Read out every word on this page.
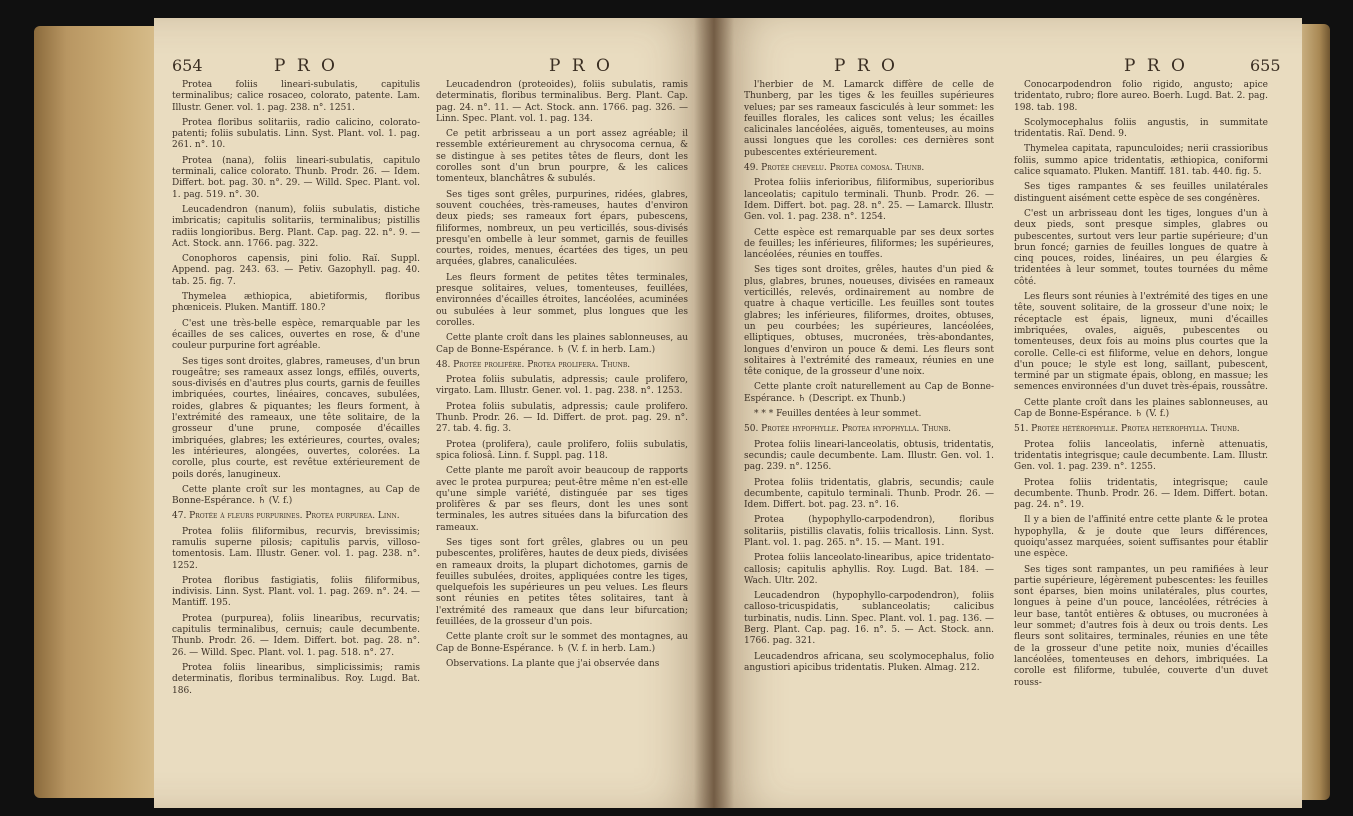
654	P R O	P R O

Protea foliis lineari-subulatis, capitulis terminalibus; calice rosaceo, colorato, patente. Lam. Illustr. Gener. vol. 1. pag. 238. n°. 1251.

Protea floribus solitariis, radio calicino, colorato-patenti; foliis subulatis. Linn. Syst. Plant. vol. 1. pag. 261. n°. 10.

Protea (nana), foliis lineari-subulatis, capitulo terminali, calice colorato. Thunb. Prodr. 26. — Idem. Differt. bot. pag. 30. n°. 29. — Willd. Spec. Plant. vol. 1. pag. 519. n°. 30.

Leucadendron (nanum), foliis subulatis, distiche imbricatis; capitulis solitariis, terminalibus; pistillis radiis longioribus. Berg. Plant. Cap. pag. 22. n°. 9. — Act. Stock. ann. 1766. pag. 322.

Conophoros capensis, pini folio. Raï. Suppl. Append. pag. 243. 63. — Petiv. Gazophyll. pag. 40. tab. 25. fig. 7.

Thymelea æthiopica, abietiformis, floribus phœniceis. Pluken. Mantiff. 180.?

C'est une très-belle espèce, remarquable par les écailles de ses calices, ouvertes en rose, & d'une couleur purpurine fort agréable.

Ses tiges sont droites, glabres, rameuses, d'un brun rougeâtre; ses rameaux assez longs, effilés, ouverts, sous-divisés en d'autres plus courts, garnis de feuilles imbriquées, courtes, linéaires, concaves, subulées, roides, glabres & piquantes; les fleurs forment, à l'extrémité des rameaux, une tête solitaire, de la grosseur d'une prune, composée d'écailles imbriquées, glabres; les extérieures, courtes, ovales; les intérieures, alongées, ouvertes, colorées. La corolle, plus courte, est revêtue extérieurement de poils dorés, lanugineux.

Cette plante croît sur les montagnes, au Cap de Bonne-Espérance. ♄ (V. f.)

47. Protée à fleurs purpurines. Protea purpurea. Linn.

Protea foliis filiformibus, recurvis, brevissimis; ramulis superne pilosis; capitulis parvis, villoso-tomentosis. Lam. Illustr. Gener. vol. 1. pag. 238. n°. 1252.

Protea floribus fastigiatis, foliis filiformibus, indivisis. Linn. Syst. Plant. vol. 1. pag. 269. n°. 24. — Mantiff. 195.

Protea (purpurea), foliis linearibus, recurvatis; capitulis terminalibus, cernuis; caule decumbente. Thunb. Prodr. 26. — Idem. Differt. bot. pag. 28. n°. 26. — Willd. Spec. Plant. vol. 1. pag. 518. n°. 27.

Protea foliis linearibus, simplicissimis; ramis determinatis, floribus terminalibus. Roy. Lugd. Bat. 186.

Leucadendron (proteoides), foliis subulatis, ramis determinatis, floribus terminalibus. Berg. Plant. Cap. pag. 24. n°. 11. — Act. Stock. ann. 1766. pag. 326. — Linn. Spec. Plant. vol. 1. pag. 134.

Ce petit arbrisseau a un port assez agréable; il ressemble extérieurement au chrysocoma cernua, & se distingue à ses petites têtes de fleurs, dont les corolles sont d'un brun pourpre, & les calices tomenteux, blanchâtres & subulés.

Ses tiges sont grêles, purpurines, ridées, glabres, souvent couchées, très-rameuses, hautes d'environ deux pieds; ses rameaux fort épars, pubescens, filiformes, nombreux, un peu verticillés, sous-divisés presqu'en ombelle à leur sommet, garnis de feuilles courtes, roides, menues, écartées des tiges, un peu arquées, glabres, canaliculées.

Les fleurs forment de petites têtes terminales, presque solitaires, velues, tomenteuses, feuillées, environnées d'écailles étroites, lancéolées, acuminées ou subulées à leur sommet, plus longues que les corolles.

Cette plante croît dans les plaines sablonneuses, au Cap de Bonne-Espérance. ♄ (V. f. in herb. Lam.)

48. Protée prolifère. Protea prolifera. Thunb.

Protea foliis subulatis, adpressis; caule prolifero, virgato. Lam. Illustr. Gener. vol. 1. pag. 238. n°. 1253.

Protea foliis subulatis, adpressis; caule prolifero. Thunb. Prodr. 26. — Id. Differt. de prot. pag. 29. n°. 27. tab. 4. fig. 3.

Protea (prolifera), caule prolifero, foliis subulatis, spica foliosâ. Linn. f. Suppl. pag. 118.

Cette plante me paroît avoir beaucoup de rapports avec le protea purpurea; peut-être même n'en est-elle qu'une simple variété, distinguée par ses tiges prolifères & par ses fleurs, dont les unes sont terminales, les autres situées dans la bifurcation des rameaux.

Ses tiges sont fort grêles, glabres ou un peu pubescentes, prolifères, hautes de deux pieds, divisées en rameaux droits, la plupart dichotomes, garnis de feuilles subulées, droites, appliquées contre les tiges, quelquefois les supérieures un peu velues. Les fleurs sont réunies en petites têtes solitaires, tant à l'extrémité des rameaux que dans leur bifurcation; feuillées, de la grosseur d'un pois.

Cette plante croît sur le sommet des montagnes, au Cap de Bonne-Espérance. ♄ (V. f. in herb. Lam.)

Observations. La plante que j'ai observée dans

P R O	P R O	655

l'herbier de M. Lamarck diffère de celle de Thunberg, par les tiges & les feuilles supérieures velues; par ses rameaux fasciculés à leur sommet: les feuilles florales, les calices sont velus; les écailles calicinales lancéolées, aiguës, tomenteuses, au moins aussi longues que les corolles: ces dernières sont pubescentes extérieurement.

49. Protée chevelu. Protea comosa. Thunb.

Protea foliis inferioribus, filiformibus, superioribus lanceolatis; capitulo terminali. Thunb. Prodr. 26. — Idem. Differt. bot. pag. 28. n°. 25. — Lamarck. Illustr. Gen. vol. 1. pag. 238. n°. 1254.

Cette espèce est remarquable par ses deux sortes de feuilles; les inférieures, filiformes; les supérieures, lancéolées, réunies en touffes.

Ses tiges sont droites, grêles, hautes d'un pied & plus, glabres, brunes, noueuses, divisées en rameaux verticillés, relevés, ordinairement au nombre de quatre à chaque verticille. Les feuilles sont toutes glabres; les inférieures, filiformes, droites, obtuses, un peu courbées; les supérieures, lancéolées, elliptiques, obtuses, mucronées, très-abondantes, longues d'environ un pouce & demi. Les fleurs sont solitaires à l'extrémité des rameaux, réunies en une tête conique, de la grosseur d'une noix.

Cette plante croît naturellement au Cap de Bonne-Espérance. ♄ (Descript. ex Thunb.)

* * * Feuilles dentées à leur sommet.

50. Protée hypophylle. Protea hypophylla. Thunb.

Protea foliis lineari-lanceolatis, obtusis, tridentatis, secundis; caule decumbente. Lam. Illustr. Gen. vol. 1. pag. 239. n°. 1256.

Protea foliis tridentatis, glabris, secundis; caule decumbente, capitulo terminali. Thunb. Prodr. 26. — Idem. Differt. bot. pag. 23. n°. 16.

Protea (hypophyllo-carpodendron), floribus solitariis, pistillis clavatis, foliis tricallosis. Linn. Syst. Plant. vol. 1. pag. 265. n°. 15. — Mant. 191.

Protea foliis lanceolato-linearibus, apice tridentato-callosis; capitulis aphyllis. Roy. Lugd. Bat. 184. — Wach. Ultr. 202.

Leucadendron (hypophyllo-carpodendron), foliis calloso-tricuspidatis, sublanceolatis; calicibus turbinatis, nudis. Linn. Spec. Plant. vol. 1. pag. 136. — Berg. Plant. Cap. pag. 16. n°. 5. — Act. Stock. ann. 1766. pag. 321.

Leucadendros africana, seu scolymocephalus, folio angustiori apicibus tridentatis. Pluken. Almag. 212.

Conocarpodendron folio rigido, angusto; apice tridentato, rubro; flore aureo. Boerh. Lugd. Bat. 2. pag. 198. tab. 198.

Scolymocephalus foliis angustis, in summitate tridentatis. Raï. Dend. 9.

Thymelea capitata, rapunculoides; nerii crassioribus foliis, summo apice tridentatis, æthiopica, coniformi calice squamato. Pluken. Mantiff. 181. tab. 440. fig. 5.

Ses tiges rampantes & ses feuilles unilatérales distinguent aisément cette espèce de ses congénères.

C'est un arbrisseau dont les tiges, longues d'un à deux pieds, sont presque simples, glabres ou pubescentes, surtout vers leur partie supérieure; d'un brun foncé; garnies de feuilles longues de quatre à cinq pouces, roides, linéaires, un peu élargies & tridentées à leur sommet, toutes tournées du même côté.

Les fleurs sont réunies à l'extrémité des tiges en une tête, souvent solitaire, de la grosseur d'une noix; le réceptacle est épais, ligneux, muni d'écailles imbriquées, ovales, aiguës, pubescentes ou tomenteuses, deux fois au moins plus courtes que la corolle. Celle-ci est filiforme, velue en dehors, longue d'un pouce; le style est long, saillant, pubescent, terminé par un stigmate épais, oblong, en massue; les semences environnées d'un duvet très-épais, roussâtre.

Cette plante croît dans les plaines sablonneuses, au Cap de Bonne-Espérance. ♄ (V. f.)

51. Protée hétérophylle. Protea heterophylla. Thunb.

Protea foliis lanceolatis, infernè attenuatis, tridentatis integrisque; caule decumbente. Lam. Illustr. Gen. vol. 1. pag. 239. n°. 1255.

Protea foliis tridentatis, integrisque; caule decumbente. Thunb. Prodr. 26. — Idem. Differt. botan. pag. 24. n°. 19.

Il y a bien de l'affinité entre cette plante & le protea hypophylla, & je doute que leurs différences, quoiqu'assez marquées, soient suffisantes pour établir une espèce.

Ses tiges sont rampantes, un peu ramifiées à leur partie supérieure, légèrement pubescentes: les feuilles sont éparses, bien moins unilatérales, plus courtes, longues à peine d'un pouce, lancéolées, rétrécies à leur base, tantôt entières & obtuses, ou mucronées à leur sommet; d'autres fois à deux ou trois dents. Les fleurs sont solitaires, terminales, réunies en une tête de la grosseur d'une petite noix, munies d'écailles lancéolées, tomenteuses en dehors, imbriquées. La corolle est filiforme, tubulée, couverte d'un duvet rouss-
